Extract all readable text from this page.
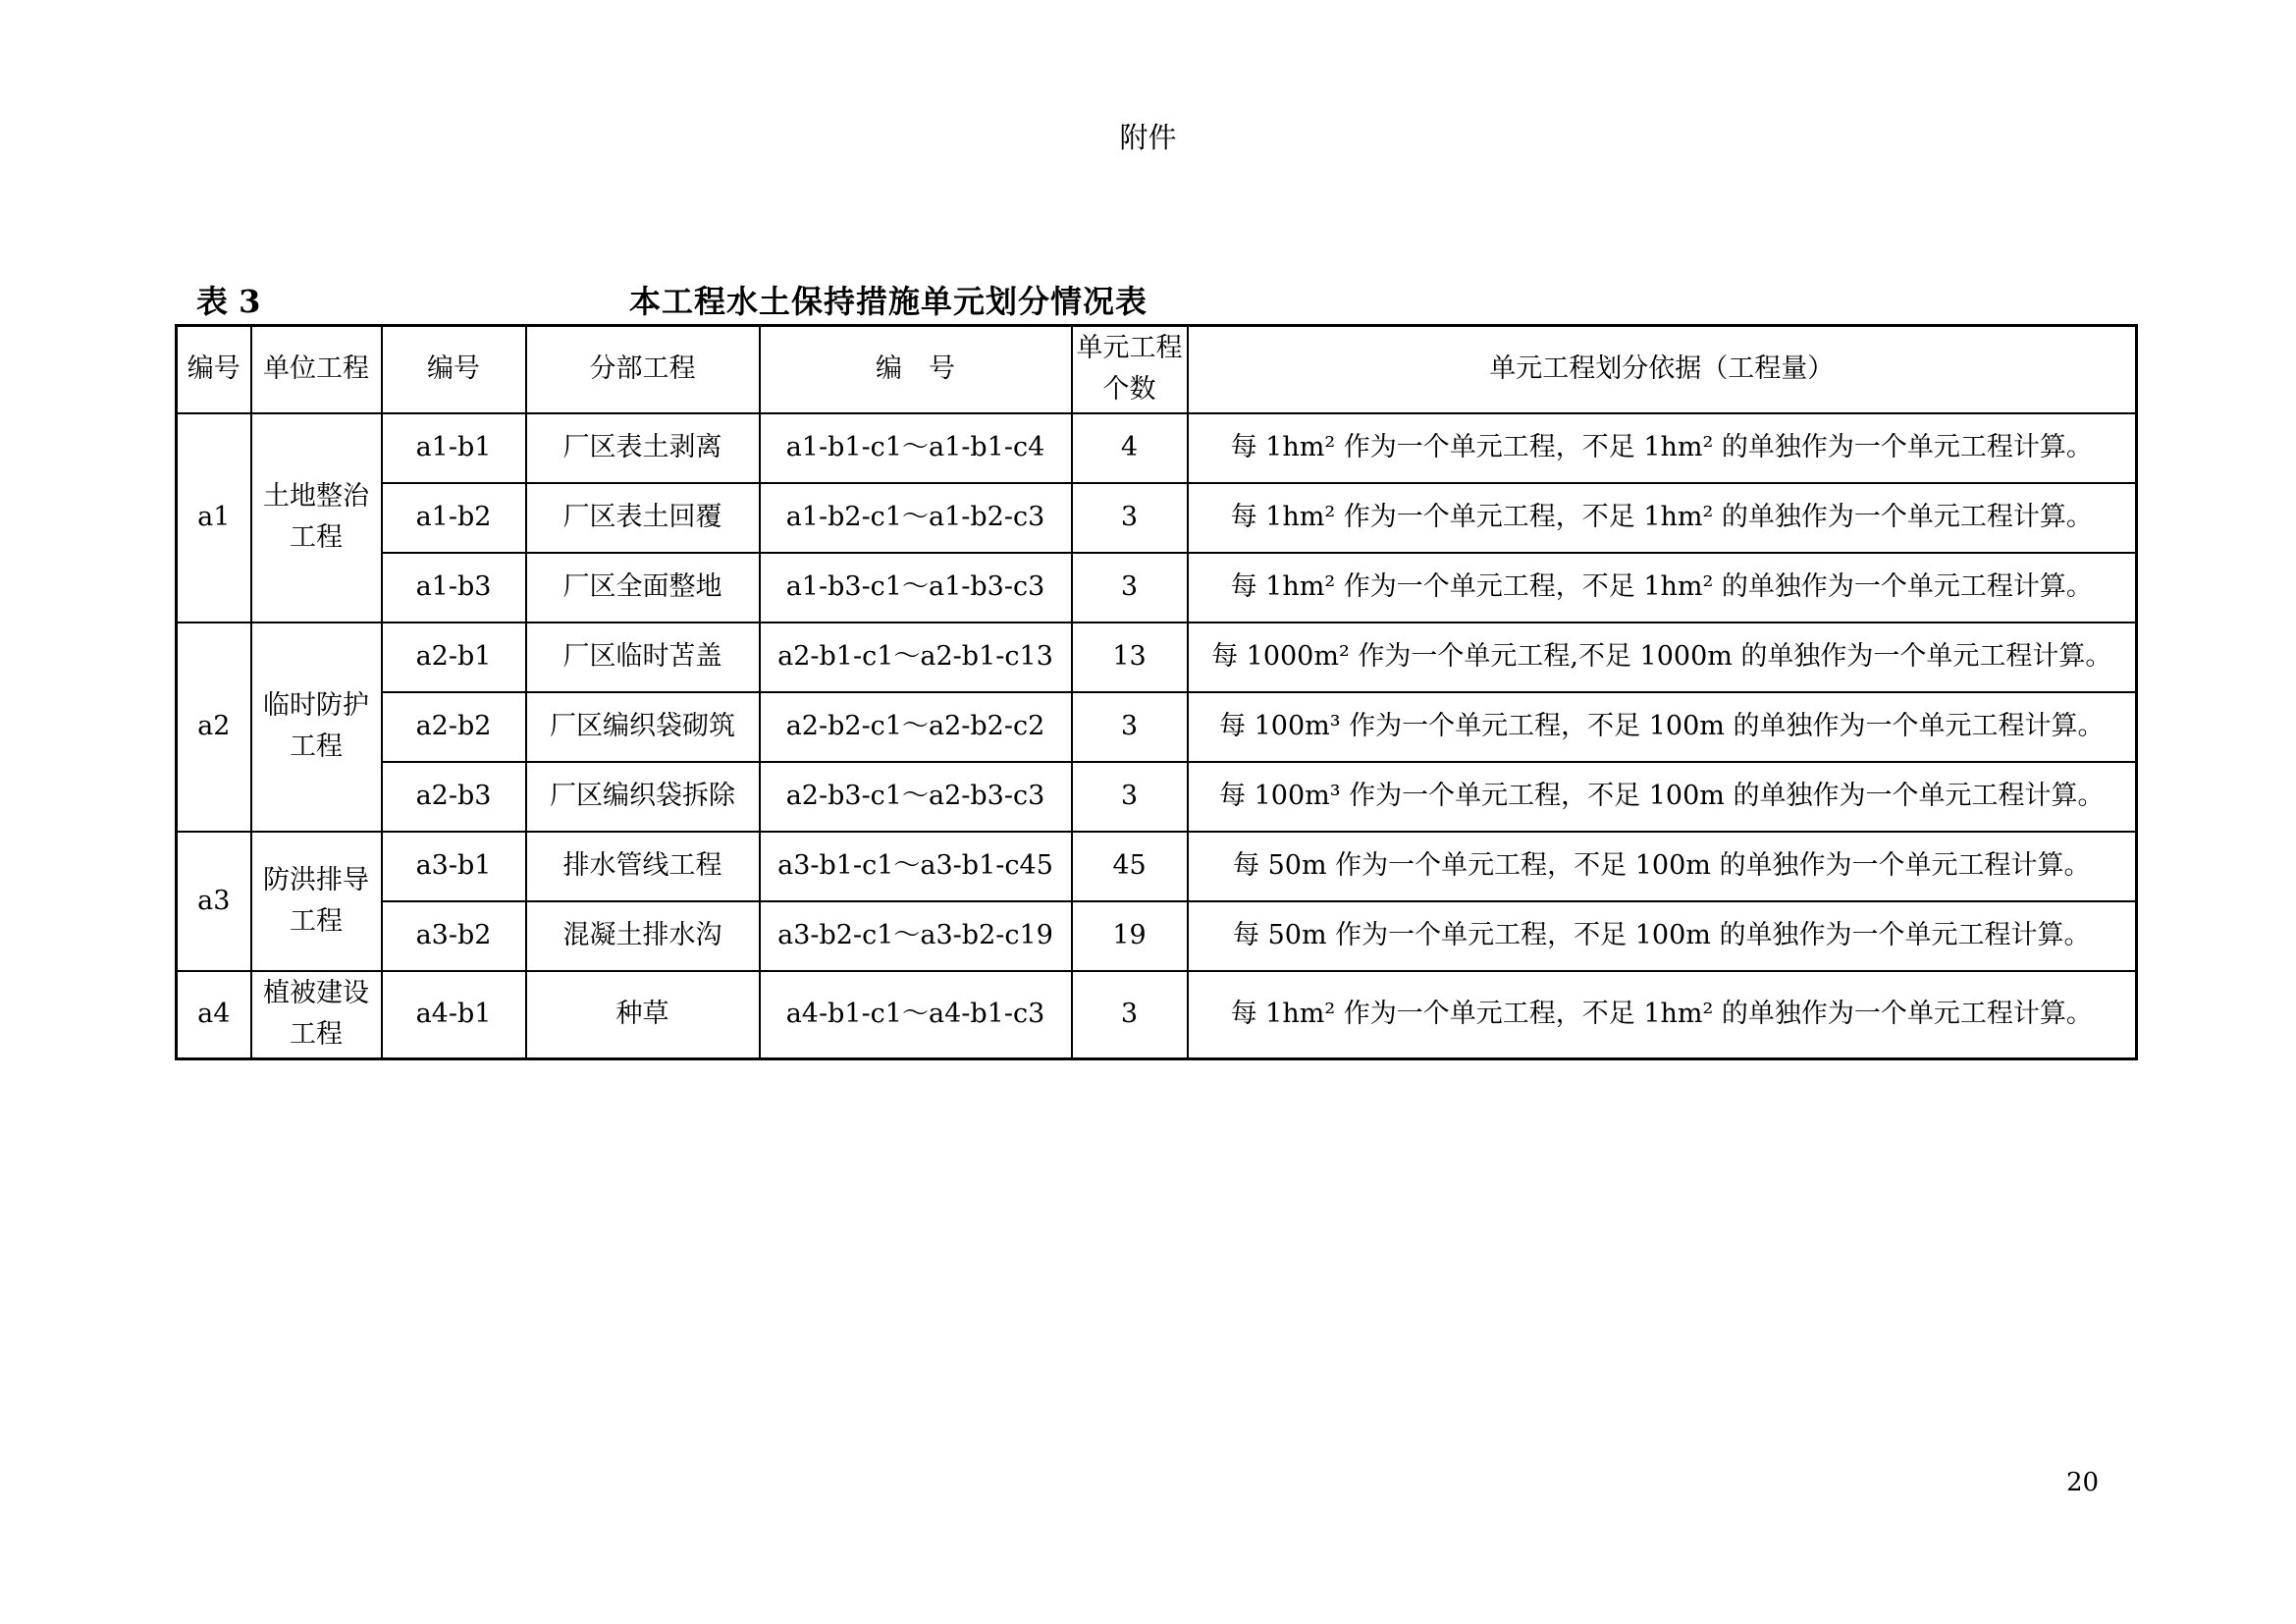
附件
表 3	本工程水土保持措施单元划分情况表
编号	单位工程	编号	分部工程	编　号	单元工程个数	单元工程划分依据（工程量）
a1	土地整治工程	a1-b1	厂区表土剥离	a1-b1-c1～a1-b1-c4	4	每 1hm² 作为一个单元工程，不足 1hm² 的单独作为一个单元工程计算。
		a1-b2	厂区表土回覆	a1-b2-c1～a1-b2-c3	3	每 1hm² 作为一个单元工程，不足 1hm² 的单独作为一个单元工程计算。
		a1-b3	厂区全面整地	a1-b3-c1～a1-b3-c3	3	每 1hm² 作为一个单元工程，不足 1hm² 的单独作为一个单元工程计算。
a2	临时防护工程	a2-b1	厂区临时苫盖	a2-b1-c1～a2-b1-c13	13	每 1000m² 作为一个单元工程,不足 1000m 的单独作为一个单元工程计算。
		a2-b2	厂区编织袋砌筑	a2-b2-c1～a2-b2-c2	3	每 100m³ 作为一个单元工程，不足 100m 的单独作为一个单元工程计算。
		a2-b3	厂区编织袋拆除	a2-b3-c1～a2-b3-c3	3	每 100m³ 作为一个单元工程，不足 100m 的单独作为一个单元工程计算。
a3	防洪排导工程	a3-b1	排水管线工程	a3-b1-c1～a3-b1-c45	45	每 50m 作为一个单元工程，不足 100m 的单独作为一个单元工程计算。
		a3-b2	混凝土排水沟	a3-b2-c1～a3-b2-c19	19	每 50m 作为一个单元工程，不足 100m 的单独作为一个单元工程计算。
a4	植被建设工程	a4-b1	种草	a4-b1-c1～a4-b1-c3	3	每 1hm² 作为一个单元工程，不足 1hm² 的单独作为一个单元工程计算。
20
